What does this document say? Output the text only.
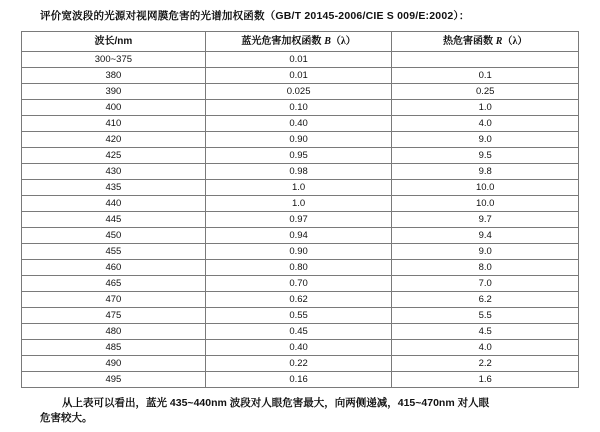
评价宽波段的光源对视网膜危害的光谱加权函数（GB/T 20145-2006/CIE S 009/E:2002）：
波长/nm	蓝光危害加权函数 B（λ）	热危害函数 R（λ）
300~375	0.01	
380	0.01	0.1
390	0.025	0.25
400	0.10	1.0
410	0.40	4.0
420	0.90	9.0
425	0.95	9.5
430	0.98	9.8
435	1.0	10.0
440	1.0	10.0
445	0.97	9.7
450	0.94	9.4
455	0.90	9.0
460	0.80	8.0
465	0.70	7.0
470	0.62	6.2
475	0.55	5.5
480	0.45	4.5
485	0.40	4.0
490	0.22	2.2
495	0.16	1.6
从上表可以看出，蓝光 435~440nm 波段对人眼危害最大，向两侧递减，415~470nm 对人眼
危害较大。
